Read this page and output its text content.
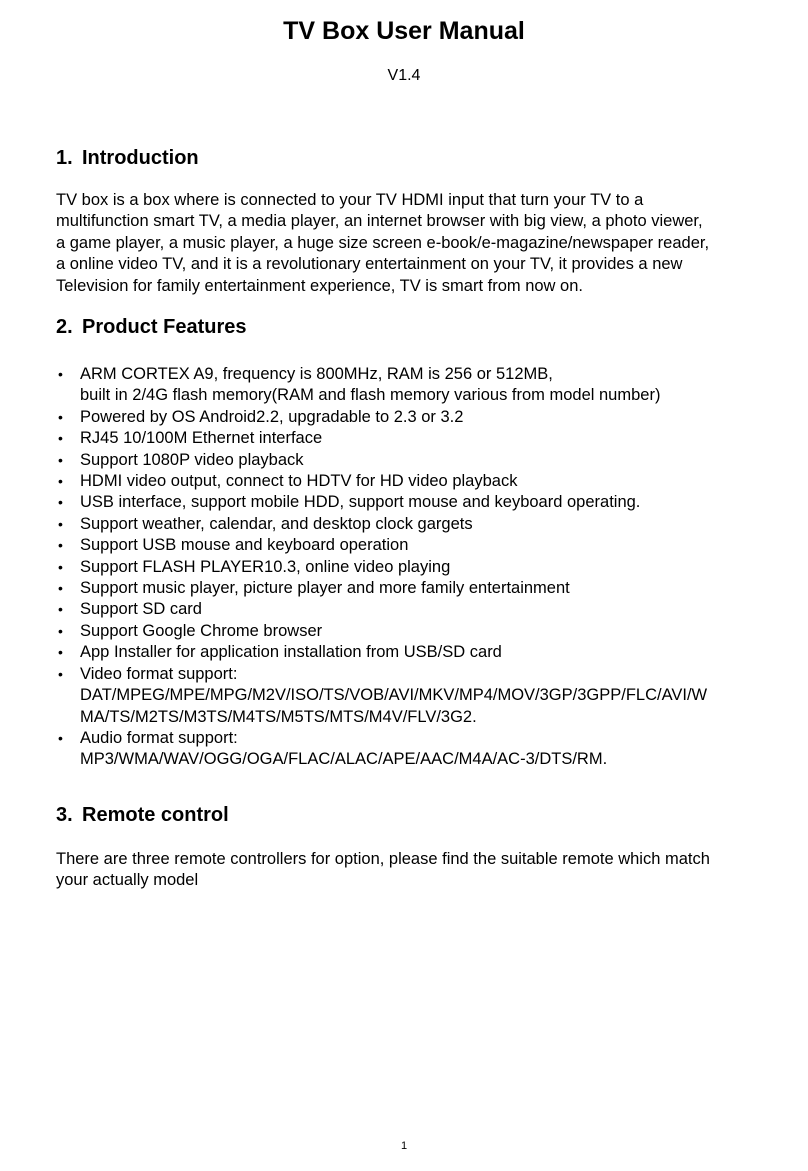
TV Box User Manual
V1.4
1. Introduction
TV box is a box where is connected to your TV HDMI input that turn your TV to a
multifunction smart TV, a media player, an internet browser with big view, a photo viewer,
a game player, a music player, a huge size screen e-book/e-magazine/newspaper reader,
a online video TV, and it is a revolutionary entertainment on your TV, it provides a new
Television for family entertainment experience, TV is smart from now on.
2. Product Features
• ARM CORTEX A9, frequency is 800MHz, RAM is 256 or 512MB,
built in 2/4G flash memory(RAM and flash memory various from model number)
• Powered by OS Android2.2, upgradable to 2.3 or 3.2
• RJ45 10/100M Ethernet interface
• Support 1080P video playback
• HDMI video output, connect to HDTV for HD video playback
• USB interface, support mobile HDD, support mouse and keyboard operating.
• Support weather, calendar, and desktop clock gargets
• Support USB mouse and keyboard operation
• Support FLASH PLAYER10.3, online video playing
• Support music player, picture player and more family entertainment
• Support SD card
• Support Google Chrome browser
• App Installer for application installation from USB/SD card
• Video format support:
DAT/MPEG/MPE/MPG/M2V/ISO/TS/VOB/AVI/MKV/MP4/MOV/3GP/3GPP/FLC/AVI/W
MA/TS/M2TS/M3TS/M4TS/M5TS/MTS/M4V/FLV/3G2.
• Audio format support:
MP3/WMA/WAV/OGG/OGA/FLAC/ALAC/APE/AAC/M4A/AC-3/DTS/RM.
3. Remote control
There are three remote controllers for option, please find the suitable remote which match
your actually model
1
